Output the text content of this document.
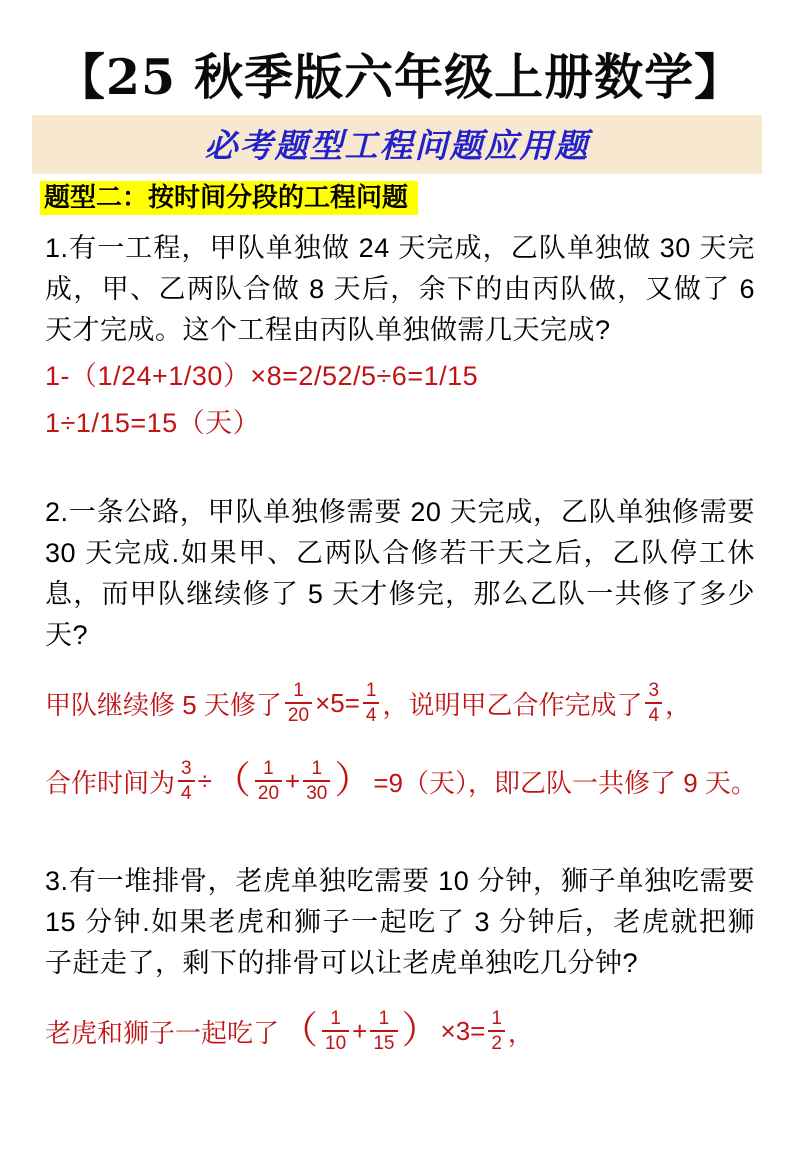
【25 秋季版六年级上册数学】
必考题型工程问题应用题
题型二：按时间分段的工程问题

1.有一工程，甲队单独做 24 天完成，乙队单独做 30 天完成，甲、乙两队合做 8 天后，余下的由丙队做，又做了 6 天才完成。这个工程由丙队单独做需几天完成?

1-（1/24+1/30）×8=2/52/5÷6=1/15

1÷1/15=15（天）

2.一条公路，甲队单独修需要 20 天完成，乙队单独修需要 30 天完成.如果甲、乙两队合修若干天之后，乙队停工休息，而甲队继续修了 5 天才修完，那么乙队一共修了多少天?

甲队继续修 5 天修了 $\frac{1}{20} \times 5= \frac{1}{4}$ ，说明甲乙合作完成了 $\frac{3}{4}$ ，
合作时间为 $\frac{3}{4}$ ÷ （ $\frac{1}{20} + \frac{1}{30}$ ） =9（天），即乙队一共修了 9 天。

3.有一堆排骨，老虎单独吃需要 10 分钟，狮子单独吃需要 15 分钟.如果老虎和狮子一起吃了 3 分钟后，老虎就把狮子赶走了，剩下的排骨可以让老虎单独吃几分钟?

老虎和狮子一起吃了 （ $\frac{1}{10} + \frac{1}{15}$ ） $\times 3= \frac{1}{2}$ ，
